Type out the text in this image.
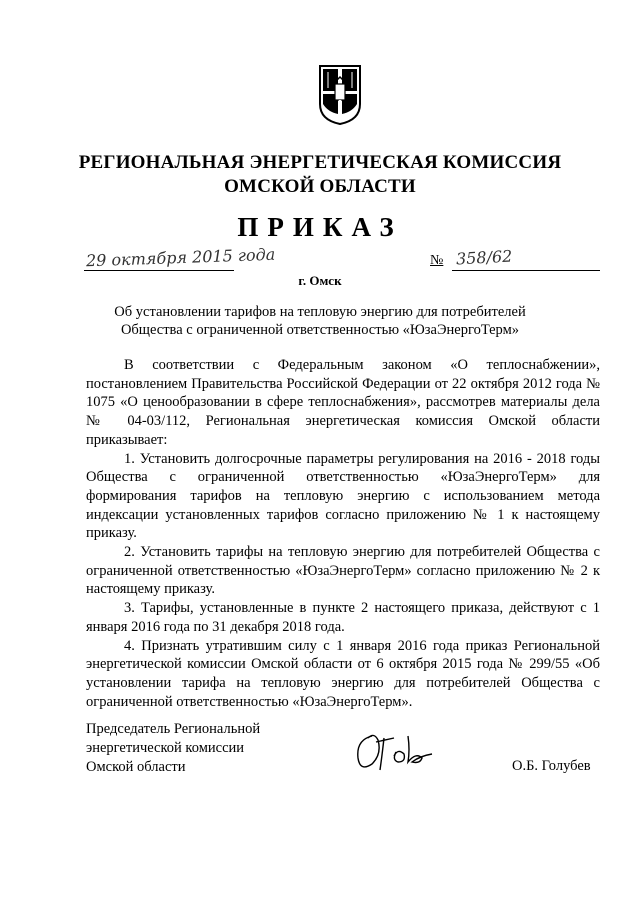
РЕГИОНАЛЬНАЯ ЭНЕРГЕТИЧЕСКАЯ КОМИССИЯ
ОМСКОЙ ОБЛАСТИ
ПРИКАЗ
29 октября 2015 года
г. Омск
№ 358/62
Об установлении тарифов на тепловую энергию для потребителей
Общества с ограниченной ответственностью «ЮзаЭнергоТерм»

В соответствии с Федеральным законом «О теплоснабжении», постановлением Правительства Российской Федерации от 22 октября 2012 года № 1075 «О ценообразовании в сфере теплоснабжения», рассмотрев материалы дела № 04-03/112, Региональная энергетическая комиссия Омской области приказывает:

1. Установить долгосрочные параметры регулирования на 2016 - 2018 годы Общества с ограниченной ответственностью «ЮзаЭнергоТерм» для формирования тарифов на тепловую энергию с использованием метода индексации установленных тарифов согласно приложению № 1 к настоящему приказу.

2. Установить тарифы на тепловую энергию для потребителей Общества с ограниченной ответственностью «ЮзаЭнергоТерм» согласно приложению № 2 к настоящему приказу.

3. Тарифы, установленные в пункте 2 настоящего приказа, действуют с 1 января 2016 года по 31 декабря 2018 года.

4. Признать утратившим силу с 1 января 2016 года приказ Региональной энергетической комиссии Омской области от 6 октября 2015 года № 299/55 «Об установлении тарифа на тепловую энергию для потребителей Общества с ограниченной ответственностью «ЮзаЭнергоТерм».

Председатель Региональной
энергетической комиссии
Омской области	О.Б. Голубев
